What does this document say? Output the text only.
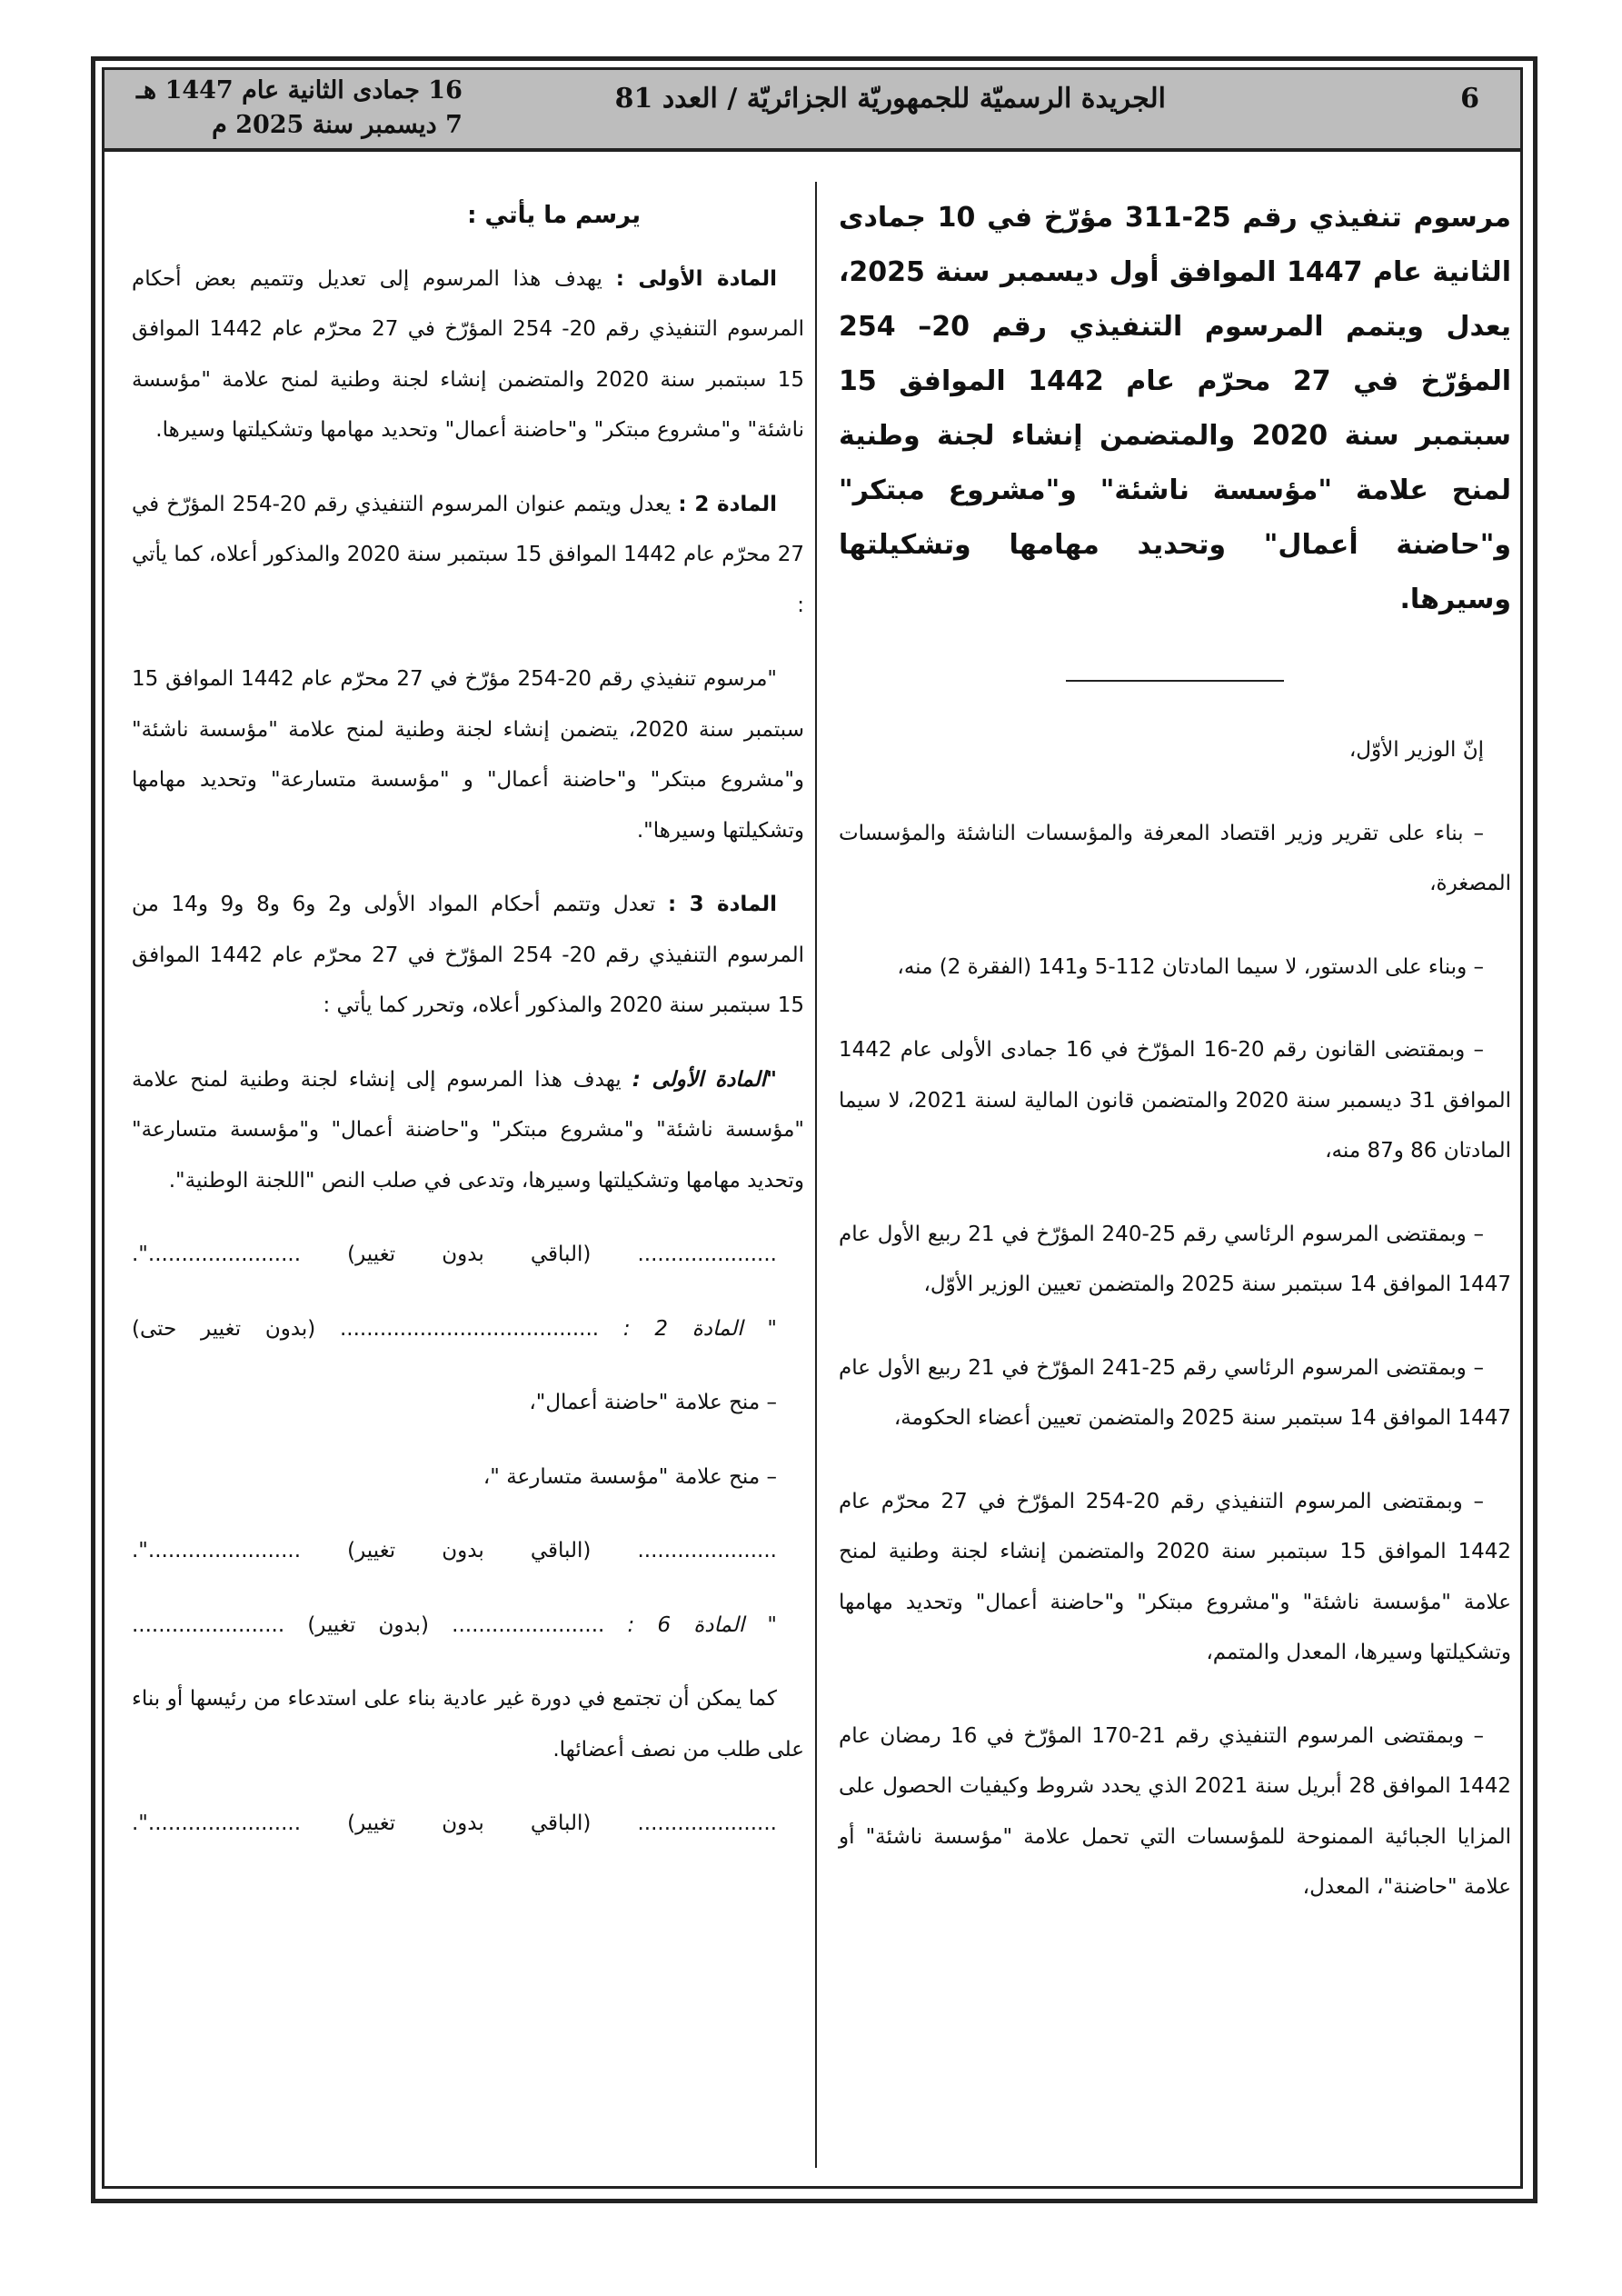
6
الجريدة الرسميّة للجمهوريّة الجزائريّة / العدد 81
16 جمادى الثانية عام 1447 هـ
7 ديسمبر سنة 2025 م
مرسوم تنفيذي رقم 25-311 مؤرّخ في 10 جمادى الثانية عام 1447 الموافق أول ديسمبر سنة 2025، يعدل ويتمم المرسوم التنفيذي رقم 20– 254 المؤرّخ في 27 محرّم عام 1442 الموافق 15 سبتمبر سنة 2020 والمتضمن إنشاء لجنة وطنية لمنح علامة "مؤسسة ناشئة" و"مشروع مبتكر" و"حاضنة أعمال" وتحديد مهامها وتشكيلتها وسيرها.

إنّ الوزير الأوّل،

– بناء على تقرير وزير اقتصاد المعرفة والمؤسسات الناشئة والمؤسسات المصغرة،

– وبناء على الدستور، لا سيما المادتان 112-5 و141 (الفقرة 2) منه،

– وبمقتضى القانون رقم 20-16 المؤرّخ في 16 جمادى الأولى عام 1442 الموافق 31 ديسمبر سنة 2020 والمتضمن قانون المالية لسنة 2021، لا سيما المادتان 86 و87 منه،

– وبمقتضى المرسوم الرئاسي رقم 25-240 المؤرّخ في 21 ربيع الأول عام 1447 الموافق 14 سبتمبر سنة 2025 والمتضمن تعيين الوزير الأوّل،

– وبمقتضى المرسوم الرئاسي رقم 25-241 المؤرّخ في 21 ربيع الأول عام 1447 الموافق 14 سبتمبر سنة 2025 والمتضمن تعيين أعضاء الحكومة،

– وبمقتضى المرسوم التنفيذي رقم 20-254 المؤرّخ في 27 محرّم عام 1442 الموافق 15 سبتمبر سنة 2020 والمتضمن إنشاء لجنة وطنية لمنح علامة "مؤسسة ناشئة" و"مشروع مبتكر" و"حاضنة أعمال" وتحديد مهامها وتشكيلتها وسيرها، المعدل والمتمم،

– وبمقتضى المرسوم التنفيذي رقم 21-170 المؤرّخ في 16 رمضان عام 1442 الموافق 28 أبريل سنة 2021 الذي يحدد شروط وكيفيات الحصول على المزايا الجبائية الممنوحة للمؤسسات التي تحمل علامة "مؤسسة ناشئة" أو علامة "حاضنة"، المعدل،

يرسم ما يأتي :

المادة الأولى : يهدف هذا المرسوم إلى تعديل وتتميم بعض أحكام المرسوم التنفيذي رقم 20- 254 المؤرّخ في 27 محرّم عام 1442 الموافق 15 سبتمبر سنة 2020 والمتضمن إنشاء لجنة وطنية لمنح علامة "مؤسسة ناشئة" و"مشروع مبتكر" و"حاضنة أعمال" وتحديد مهامها وتشكيلتها وسيرها.

المادة 2 : يعدل ويتمم عنوان المرسوم التنفيذي رقم 20-254 المؤرّخ في 27 محرّم عام 1442 الموافق 15 سبتمبر سنة 2020 والمذكور أعلاه، كما يأتي :

"مرسوم تنفيذي رقم 20-254 مؤرّخ في 27 محرّم عام 1442 الموافق 15 سبتمبر سنة 2020، يتضمن إنشاء لجنة وطنية لمنح علامة "مؤسسة ناشئة" و"مشروع مبتكر" و"حاضنة أعمال" و "مؤسسة متسارعة" وتحديد مهامها وتشكيلتها وسيرها".

المادة 3 : تعدل وتتمم أحكام المواد الأولى و2 و6 و8 و9 و14 من المرسوم التنفيذي رقم 20- 254 المؤرّخ في 27 محرّم عام 1442 الموافق 15 سبتمبر سنة 2020 والمذكور أعلاه، وتحرر كما يأتي :

"المادة الأولى : يهدف هذا المرسوم إلى إنشاء لجنة وطنية لمنح علامة "مؤسسة ناشئة" و"مشروع مبتكر" و"حاضنة أعمال" و"مؤسسة متسارعة" وتحديد مهامها وتشكيلتها وسيرها، وتدعى في صلب النص "اللجنة الوطنية".

..................... (الباقي بدون تغيير) .......................".

" المادة 2 : ....................................... (بدون تغيير حتى)

– منح علامة "حاضنة أعمال"،

– منح علامة "مؤسسة متسارعة "،

..................... (الباقي بدون تغيير) .......................".

" المادة 6 : ....................... (بدون تغيير) .......................

كما يمكن أن تجتمع في دورة غير عادية بناء على استدعاء من رئيسها أو بناء على طلب من نصف أعضائها.

..................... (الباقي بدون تغيير) .......................".
